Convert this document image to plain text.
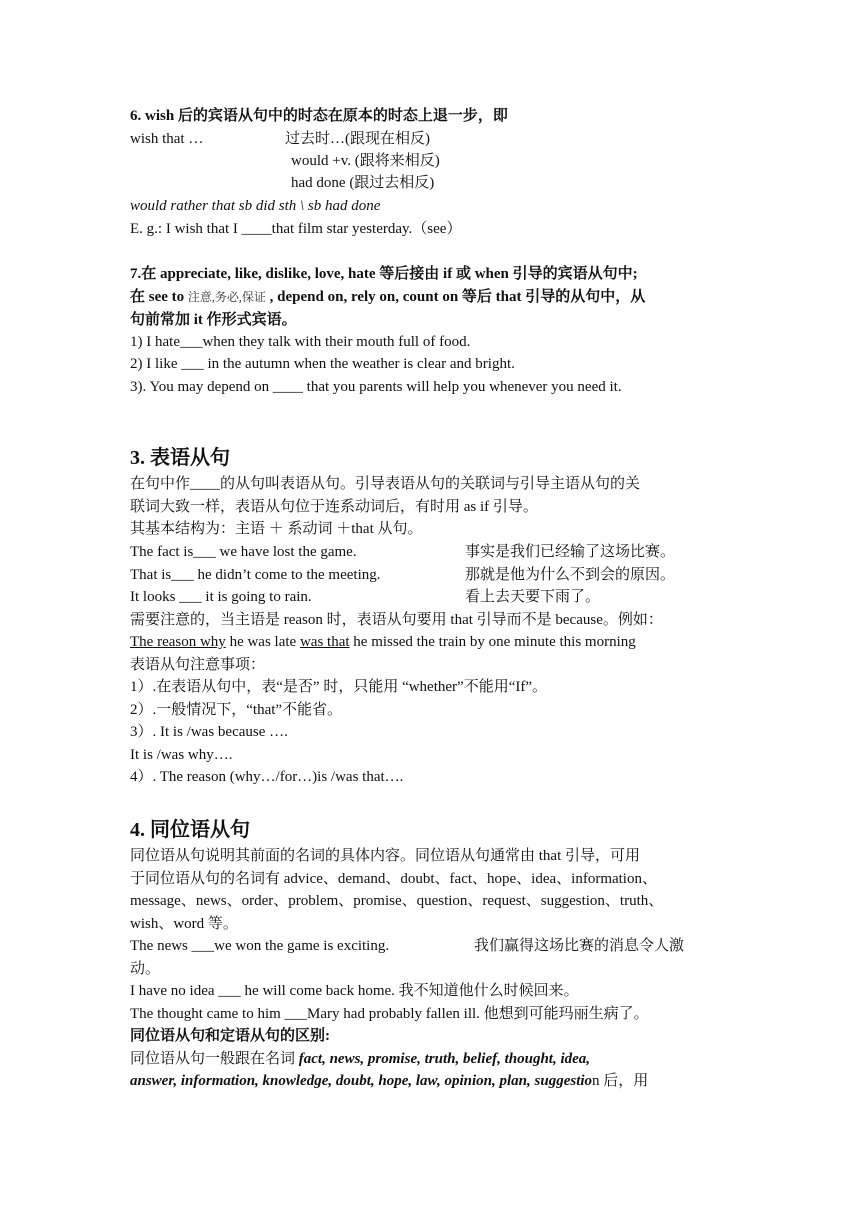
6. wish 后的宾语从句中的时态在原本的时态上退一步，即
wish that …	过去时…(跟现在相反)
would +v. (跟将来相反)
had done (跟过去相反)
would rather that sb did sth \ sb had done
E. g.: I wish that I ____that film star yesterday.（see）
7.在 appreciate, like, dislike, love, hate 等后接由 if 或 when 引导的宾语从句中;
在 see to 注意,务必,保证 , depend on, rely on, count on 等后 that 引导的从句中，从
句前常加 it 作形式宾语。
1) I hate___when they talk with their mouth full of food.
2) I like ___ in the autumn when the weather is clear and bright.
3). You may depend on ____ that you parents will help you whenever you need it.
3. 表语从句
在句中作____的从句叫表语从句。引导表语从句的关联词与引导主语从句的关
联词大致一样，表语从句位于连系动词后，有时用 as if 引导。
其基本结构为：主语 ＋ 系动词 ＋that 从句。
The fact is___ we have lost the game.	事实是我们已经输了这场比赛。
That is___ he didn’t come to the meeting.	那就是他为什么不到会的原因。
It looks ___ it is going to rain.	看上去天要下雨了。
需要注意的，当主语是 reason 时，表语从句要用 that 引导而不是 because。例如：
The reason why he was late was that he missed the train by one minute this morning
表语从句注意事项：
1）.在表语从句中，表“是否” 时，只能用 “whether”不能用“If”。
2）.一般情况下，“that”不能省。
3）. It is /was because ….
It is /was why….
4）. The reason (why…/for…)is /was that….
4. 同位语从句
同位语从句说明其前面的名词的具体内容。同位语从句通常由 that 引导，可用
于同位语从句的名词有 advice、demand、doubt、fact、hope、idea、information、
message、news、order、problem、promise、question、request、suggestion、truth、
wish、word 等。
The news ___we won the game is exciting.	我们赢得这场比赛的消息令人激
动。
I have no idea ___ he will come back home. 我不知道他什么时候回来。
The thought came to him ___Mary had probably fallen ill. 他想到可能玛丽生病了。
同位语从句和定语从句的区别:
同位语从句一般跟在名词 fact, news, promise, truth, belief, thought, idea,
answer, information, knowledge, doubt, hope, law, opinion, plan, suggestion 后，用
